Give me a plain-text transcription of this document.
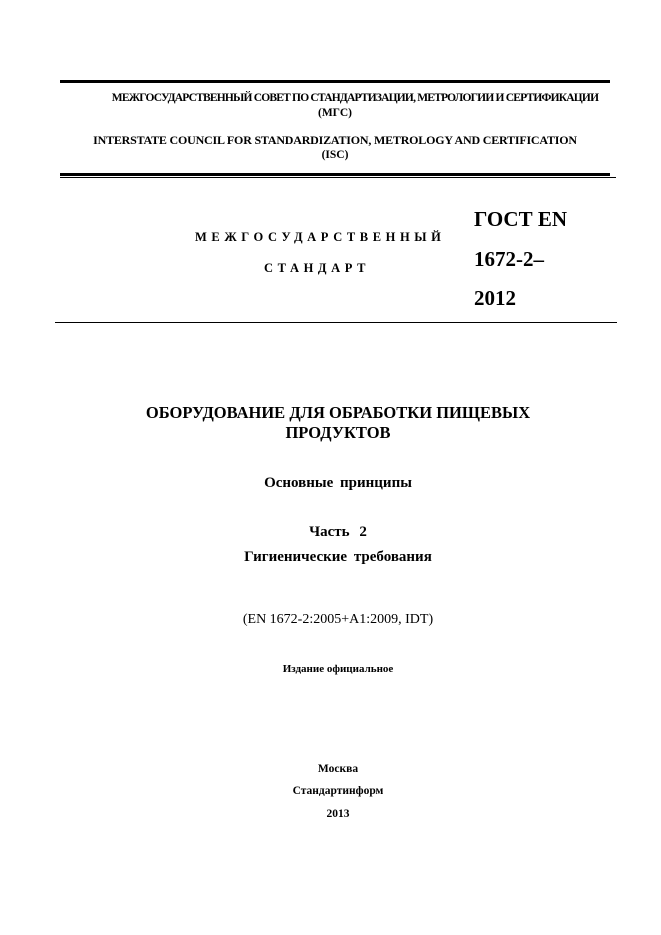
МЕЖГОСУДАРСТВЕННЫЙ СОВЕТ ПО СТАНДАРТИЗАЦИИ, МЕТРОЛОГИИ И СЕРТИФИКАЦИИ
(МГС)
INTERSTATE COUNCIL FOR STANDARDIZATION, METROLOGY AND CERTIFICATION
(ISC)
МЕЖГОСУДАРСТВЕННЫЙ
СТАНДАРТ
ГОСТ EN
1672-2–
2012
ОБОРУДОВАНИЕ ДЛЯ ОБРАБОТКИ ПИЩЕВЫХ
ПРОДУКТОВ
Основные принципы
Часть 2
Гигиенические требования
(EN 1672-2:2005+A1:2009, IDT)
Издание официальное
Москва
Стандартинформ
2013
